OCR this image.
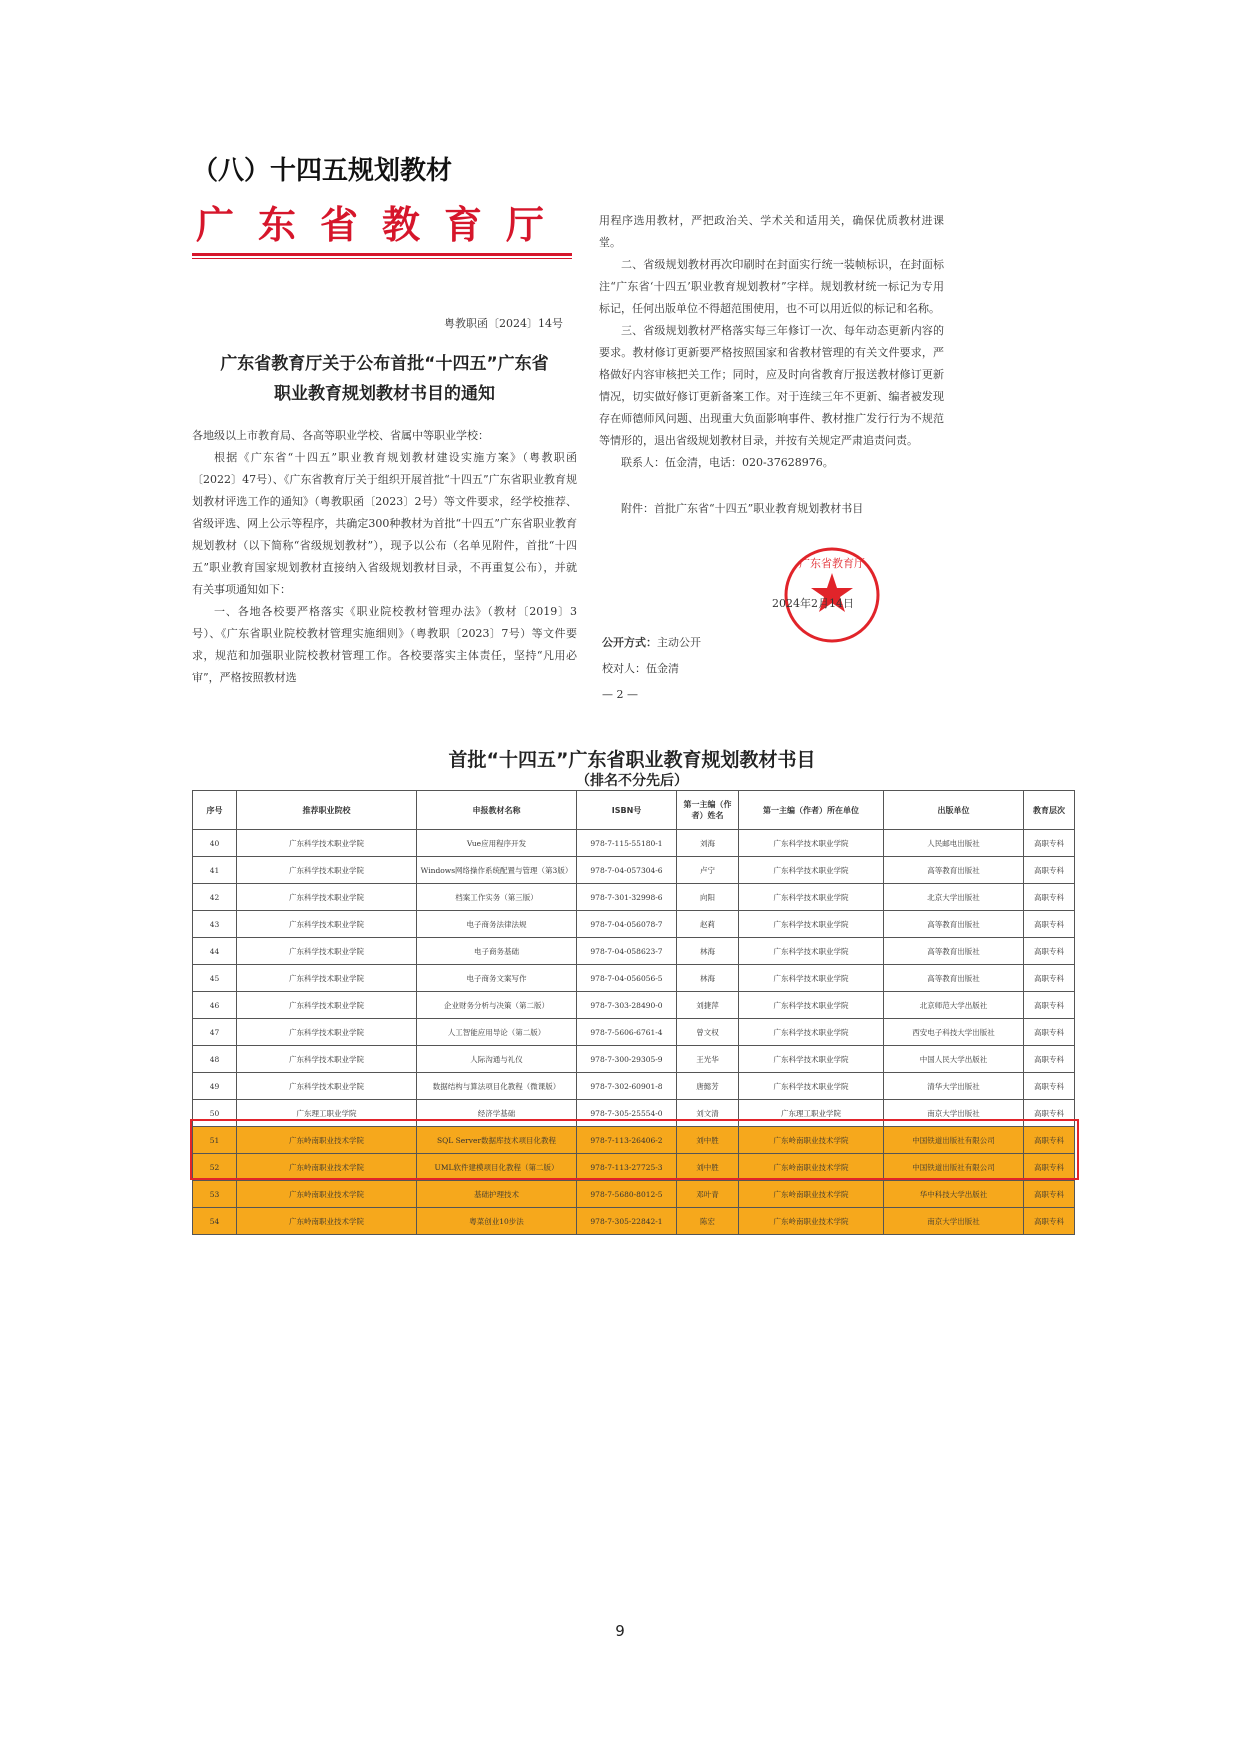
（八）十四五规划教材
广东省教育厅
粤教职函〔2024〕14号
广东省教育厅关于公布首批“十四五”广东省
职业教育规划教材书目的通知

各地级以上市教育局、各高等职业学校、省属中等职业学校：

根据《广东省“十四五”职业教育规划教材建设实施方案》（粤教职函〔2022〕47号）、《广东省教育厅关于组织开展首批“十四五”广东省职业教育规划教材评选工作的通知》（粤教职函〔2023〕2号）等文件要求，经学校推荐、省级评选、网上公示等程序，共确定300种教材为首批“十四五”广东省职业教育规划教材（以下简称“省级规划教材”），现予以公布（名单见附件，首批“十四五”职业教育国家规划教材直接纳入省级规划教材目录，不再重复公布），并就有关事项通知如下：

一、各地各校要严格落实《职业院校教材管理办法》（教材〔2019〕3号）、《广东省职业院校教材管理实施细则》（粤教职〔2023〕7号）等文件要求，规范和加强职业院校教材管理工作。各校要落实主体责任，坚持“凡用必审”，严格按照教材选

用程序选用教材，严把政治关、学术关和适用关，确保优质教材进课堂。

二、省级规划教材再次印刷时在封面实行统一装帧标识，在封面标注“广东省‘十四五’职业教育规划教材”字样。规划教材统一标记为专用标记，任何出版单位不得超范围使用，也不可以用近似的标记和名称。

三、省级规划教材严格落实每三年修订一次、每年动态更新内容的要求。教材修订更新要严格按照国家和省教材管理的有关文件要求，严格做好内容审核把关工作；同时，应及时向省教育厅报送教材修订更新情况，切实做好修订更新备案工作。对于连续三年不更新、编者被发现存在师德师风问题、出现重大负面影响事件、教材推广发行行为不规范等情形的，退出省级规划教材目录，并按有关规定严肃追责问责。

联系人：伍金清，电话：020-37628976。

附件：首批广东省“十四五”职业教育规划教材书目
广东省教育厅
2024年2月14日
公开方式：主动公开
校对人：伍金清
— 2 —
首批“十四五”广东省职业教育规划教材书目
（排名不分先后）
序号	推荐职业院校	申报教材名称	ISBN号	第一主编（作者）姓名	第一主编（作者）所在单位	出版单位	教育层次
40	广东科学技术职业学院	Vue应用程序开发	978-7-115-55180-1	刘海	广东科学技术职业学院	人民邮电出版社	高职专科
41	广东科学技术职业学院	Windows网络操作系统配置与管理（第3版）	978-7-04-057304-6	卢宁	广东科学技术职业学院	高等教育出版社	高职专科
42	广东科学技术职业学院	档案工作实务（第三版）	978-7-301-32998-6	向阳	广东科学技术职业学院	北京大学出版社	高职专科
43	广东科学技术职业学院	电子商务法律法规	978-7-04-056078-7	赵莉	广东科学技术职业学院	高等教育出版社	高职专科
44	广东科学技术职业学院	电子商务基础	978-7-04-058623-7	林海	广东科学技术职业学院	高等教育出版社	高职专科
45	广东科学技术职业学院	电子商务文案写作	978-7-04-056056-5	林海	广东科学技术职业学院	高等教育出版社	高职专科
46	广东科学技术职业学院	企业财务分析与决策（第二版）	978-7-303-28490-0	刘捷萍	广东科学技术职业学院	北京师范大学出版社	高职专科
47	广东科学技术职业学院	人工智能应用导论（第二版）	978-7-5606-6761-4	曾文权	广东科学技术职业学院	西安电子科技大学出版社	高职专科
48	广东科学技术职业学院	人际沟通与礼仪	978-7-300-29305-9	王光华	广东科学技术职业学院	中国人民大学出版社	高职专科
49	广东科学技术职业学院	数据结构与算法项目化教程（微课版）	978-7-302-60901-8	唐懿芳	广东科学技术职业学院	清华大学出版社	高职专科
50	广东理工职业学院	经济学基础	978-7-305-25554-0	刘文清	广东理工职业学院	南京大学出版社	高职专科
51	广东岭南职业技术学院	SQL Server数据库技术项目化教程	978-7-113-26406-2	刘中胜	广东岭南职业技术学院	中国铁道出版社有限公司	高职专科
52	广东岭南职业技术学院	UML软件建模项目化教程（第二版）	978-7-113-27725-3	刘中胜	广东岭南职业技术学院	中国铁道出版社有限公司	高职专科
53	广东岭南职业技术学院	基础护理技术	978-7-5680-8012-5	邓叶青	广东岭南职业技术学院	华中科技大学出版社	高职专科
54	广东岭南职业技术学院	粤菜创业10步法	978-7-305-22842-1	陈宏	广东岭南职业技术学院	南京大学出版社	高职专科
9
